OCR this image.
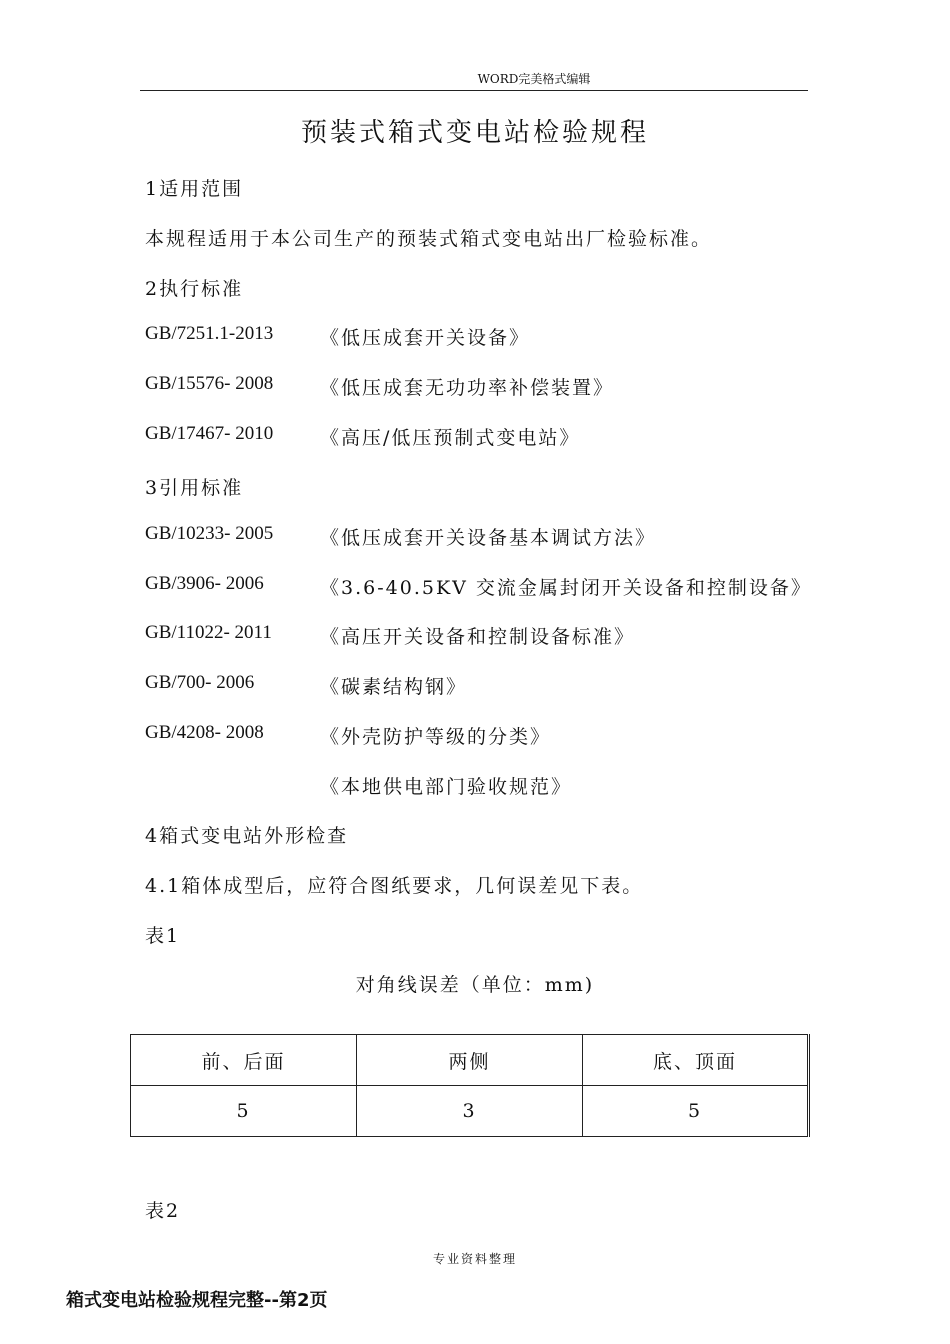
WORD完美格式编辑
预装式箱式变电站检验规程
1适用范围
本规程适用于本公司生产的预装式箱式变电站出厂检验标准。
2执行标准
GB/7251.1-2013 《低压成套开关设备》
GB/15576- 2008 《低压成套无功功率补偿装置》
GB/17467- 2010 《高压/低压预制式变电站》
3引用标准
GB/10233- 2005 《低压成套开关设备基本调试方法》
GB/3906- 2006	《3.6-40.5KV 交流金属封闭开关设备和控制设备》
GB/11022- 2011	《高压开关设备和控制设备标准》
GB/700- 2006	《碳素结构钢》
GB/4208- 2008	《外壳防护等级的分类》
《本地供电部门验收规范》
4箱式变电站外形检查
4.1箱体成型后，应符合图纸要求，几何误差见下表。
表1
对角线误差（单位：mm)
前、后面	两侧	底、顶面
5	3	5
表2
专业资料整理
箱式变电站检验规程完整--第2页
